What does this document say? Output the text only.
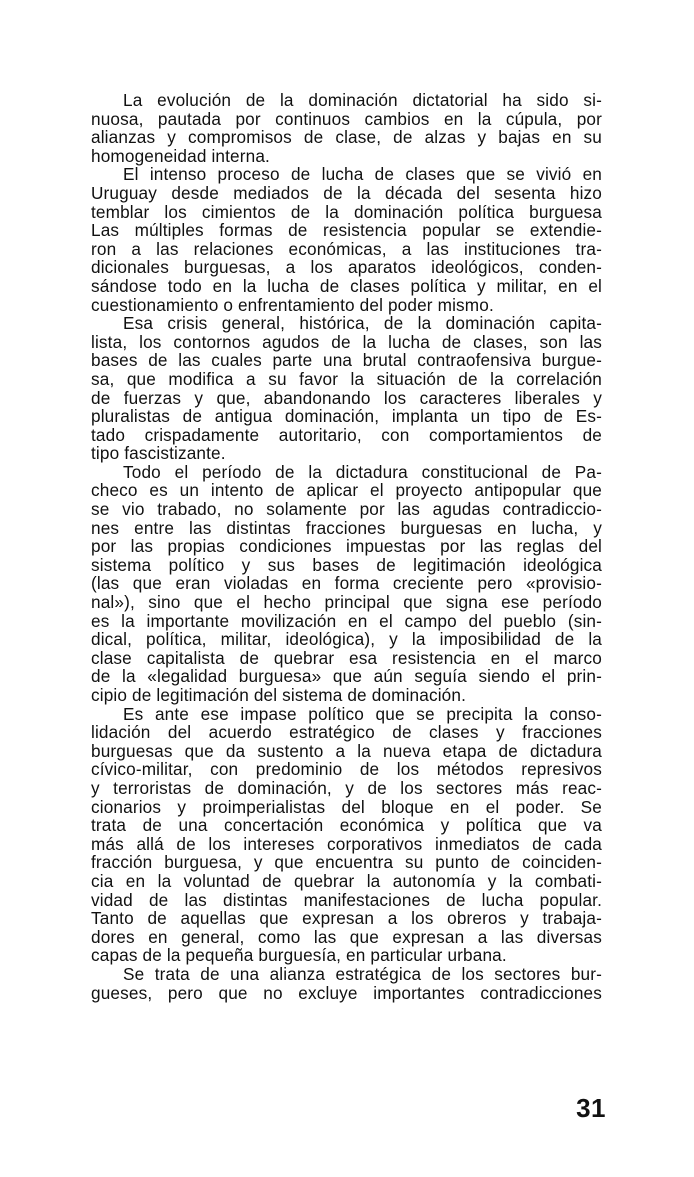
La evolución de la dominación dictatorial ha sido si-
nuosa, pautada por continuos cambios en la cúpula, por
alianzas y compromisos de clase, de alzas y bajas en su
homogeneidad interna.
El intenso proceso de lucha de clases que se vivió en
Uruguay desde mediados de la década del sesenta hizo
temblar los cimientos de la dominación política burguesa
Las múltiples formas de resistencia popular se extendie-
ron a las relaciones económicas, a las instituciones tra-
dicionales burguesas, a los aparatos ideológicos, conden-
sándose todo en la lucha de clases política y militar, en el
cuestionamiento o enfrentamiento del poder mismo.
Esa crisis general, histórica, de la dominación capita-
lista, los contornos agudos de la lucha de clases, son las
bases de las cuales parte una brutal contraofensiva burgue-
sa, que modifica a su favor la situación de la correlación
de fuerzas y que, abandonando los caracteres liberales y
pluralistas de antigua dominación, implanta un tipo de Es-
tado crispadamente autoritario, con comportamientos de
tipo fascistizante.
Todo el período de la dictadura constitucional de Pa-
checo es un intento de aplicar el proyecto antipopular que
se vio trabado, no solamente por las agudas contradiccio-
nes entre las distintas fracciones burguesas en lucha, y
por las propias condiciones impuestas por las reglas del
sistema político y sus bases de legitimación ideológica
(las que eran violadas en forma creciente pero «provisio-
nal»), sino que el hecho principal que signa ese período
es la importante movilización en el campo del pueblo (sin-
dical, política, militar, ideológica), y la imposibilidad de la
clase capitalista de quebrar esa resistencia en el marco
de la «legalidad burguesa» que aún seguía siendo el prin-
cipio de legitimación del sistema de dominación.
Es ante ese impase político que se precipita la conso-
lidación del acuerdo estratégico de clases y fracciones
burguesas que da sustento a la nueva etapa de dictadura
cívico-militar, con predominio de los métodos represivos
y terroristas de dominación, y de los sectores más reac-
cionarios y proimperialistas del bloque en el poder. Se
trata de una concertación económica y política que va
más allá de los intereses corporativos inmediatos de cada
fracción burguesa, y que encuentra su punto de coinciden-
cia en la voluntad de quebrar la autonomía y la combati-
vidad de las distintas manifestaciones de lucha popular.
Tanto de aquellas que expresan a los obreros y trabaja-
dores en general, como las que expresan a las diversas
capas de la pequeña burguesía, en particular urbana.
Se trata de una alianza estratégica de los sectores bur-
gueses, pero que no excluye importantes contradicciones
31
